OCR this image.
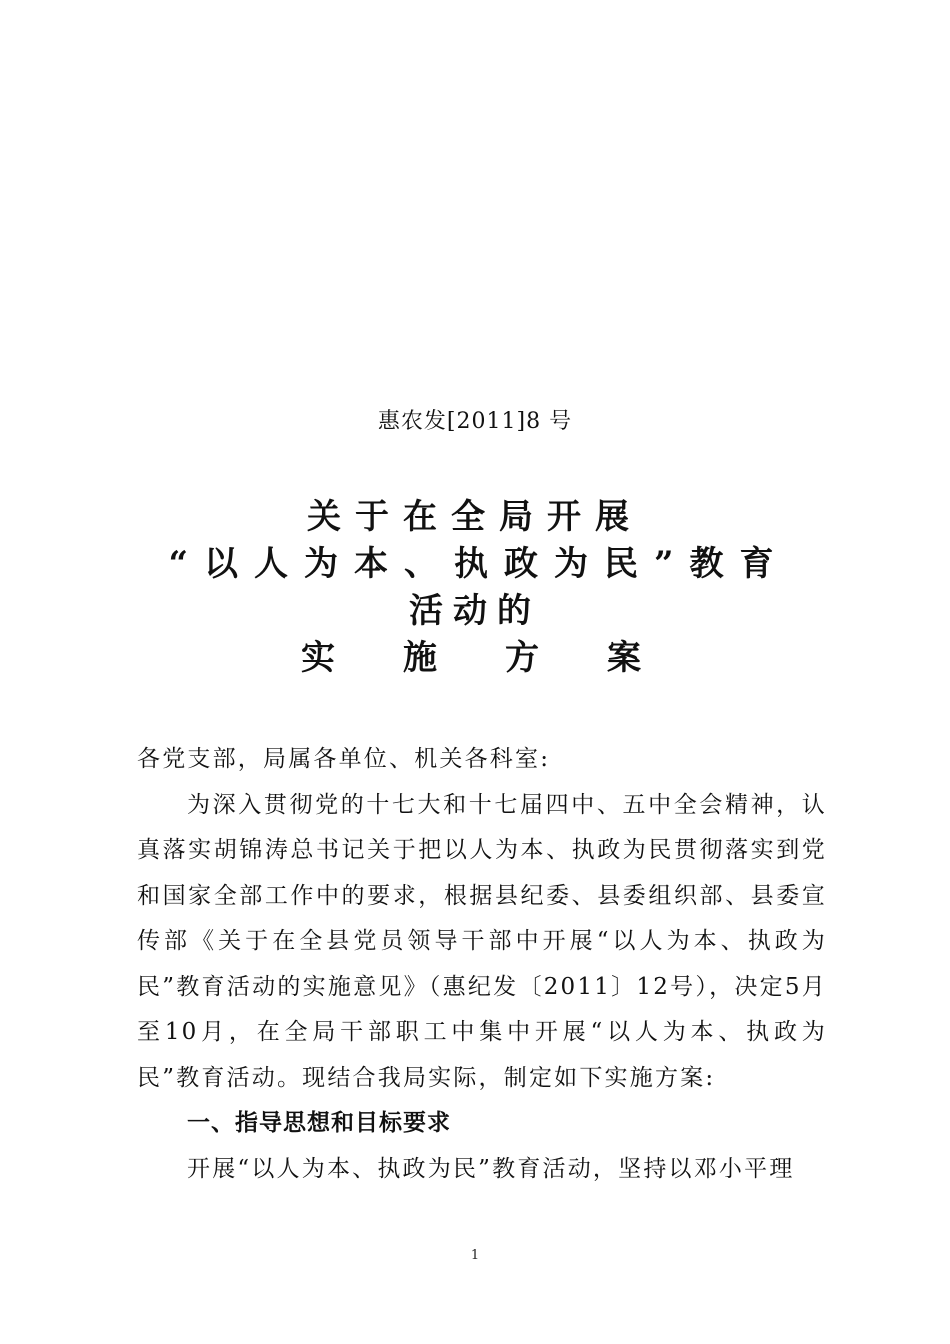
惠农发[2011]8 号
关于在全局开展
“以人为本、执政为民”教育
活动的
实施方案

各党支部，局属各单位、机关各科室:

为深入贯彻党的十七大和十七届四中、五中全会精神，认真落实胡锦涛总书记关于把以人为本、执政为民贯彻落实到党和国家全部工作中的要求，根据县纪委、县委组织部、县委宣传部《关于在全县党员领导干部中开展“以人为本、执政为民”教育活动的实施意见》（惠纪发〔2011〕12号），决定5月至10月，在全局干部职工中集中开展“以人为本、执政为民”教育活动。现结合我局实际，制定如下实施方案:

一、指导思想和目标要求

开展“以人为本、执政为民”教育活动，坚持以邓小平理

1
